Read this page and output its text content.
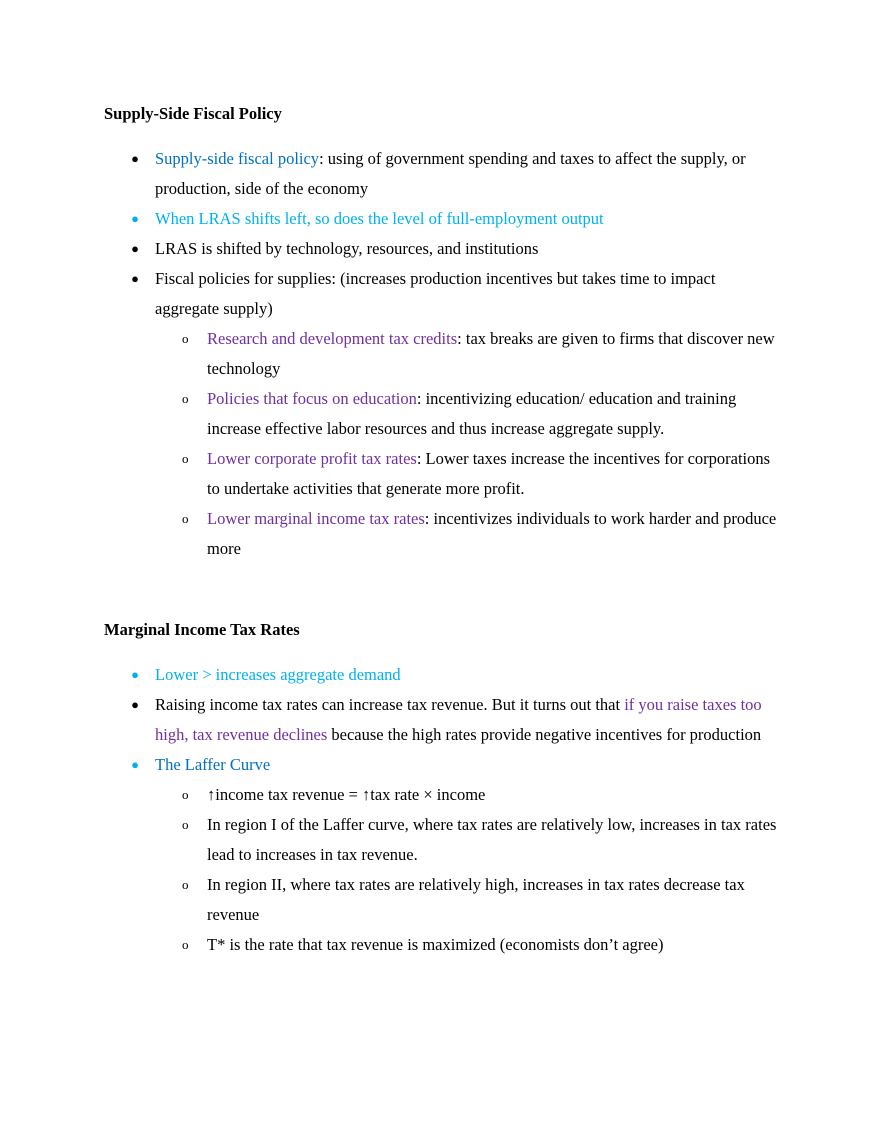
Supply-Side Fiscal Policy
● Supply-side fiscal policy: using of government spending and taxes to affect the supply, or production, side of the economy
● When LRAS shifts left, so does the level of full-employment output
● LRAS is shifted by technology, resources, and institutions
● Fiscal policies for supplies: (increases production incentives but takes time to impact aggregate supply)
o Research and development tax credits: tax breaks are given to firms that discover new technology
o Policies that focus on education: incentivizing education/ education and training increase effective labor resources and thus increase aggregate supply.
o Lower corporate profit tax rates: Lower taxes increase the incentives for corporations to undertake activities that generate more profit.
o Lower marginal income tax rates: incentivizes individuals to work harder and produce more
Marginal Income Tax Rates
● Lower > increases aggregate demand
● Raising income tax rates can increase tax revenue. But it turns out that if you raise taxes too high, tax revenue declines because the high rates provide negative incentives for production
● The Laffer Curve
o ↑income tax revenue = ↑tax rate × income
o In region I of the Laffer curve, where tax rates are relatively low, increases in tax rates lead to increases in tax revenue.
o In region II, where tax rates are relatively high, increases in tax rates decrease tax revenue
o T* is the rate that tax revenue is maximized (economists don’t agree)
